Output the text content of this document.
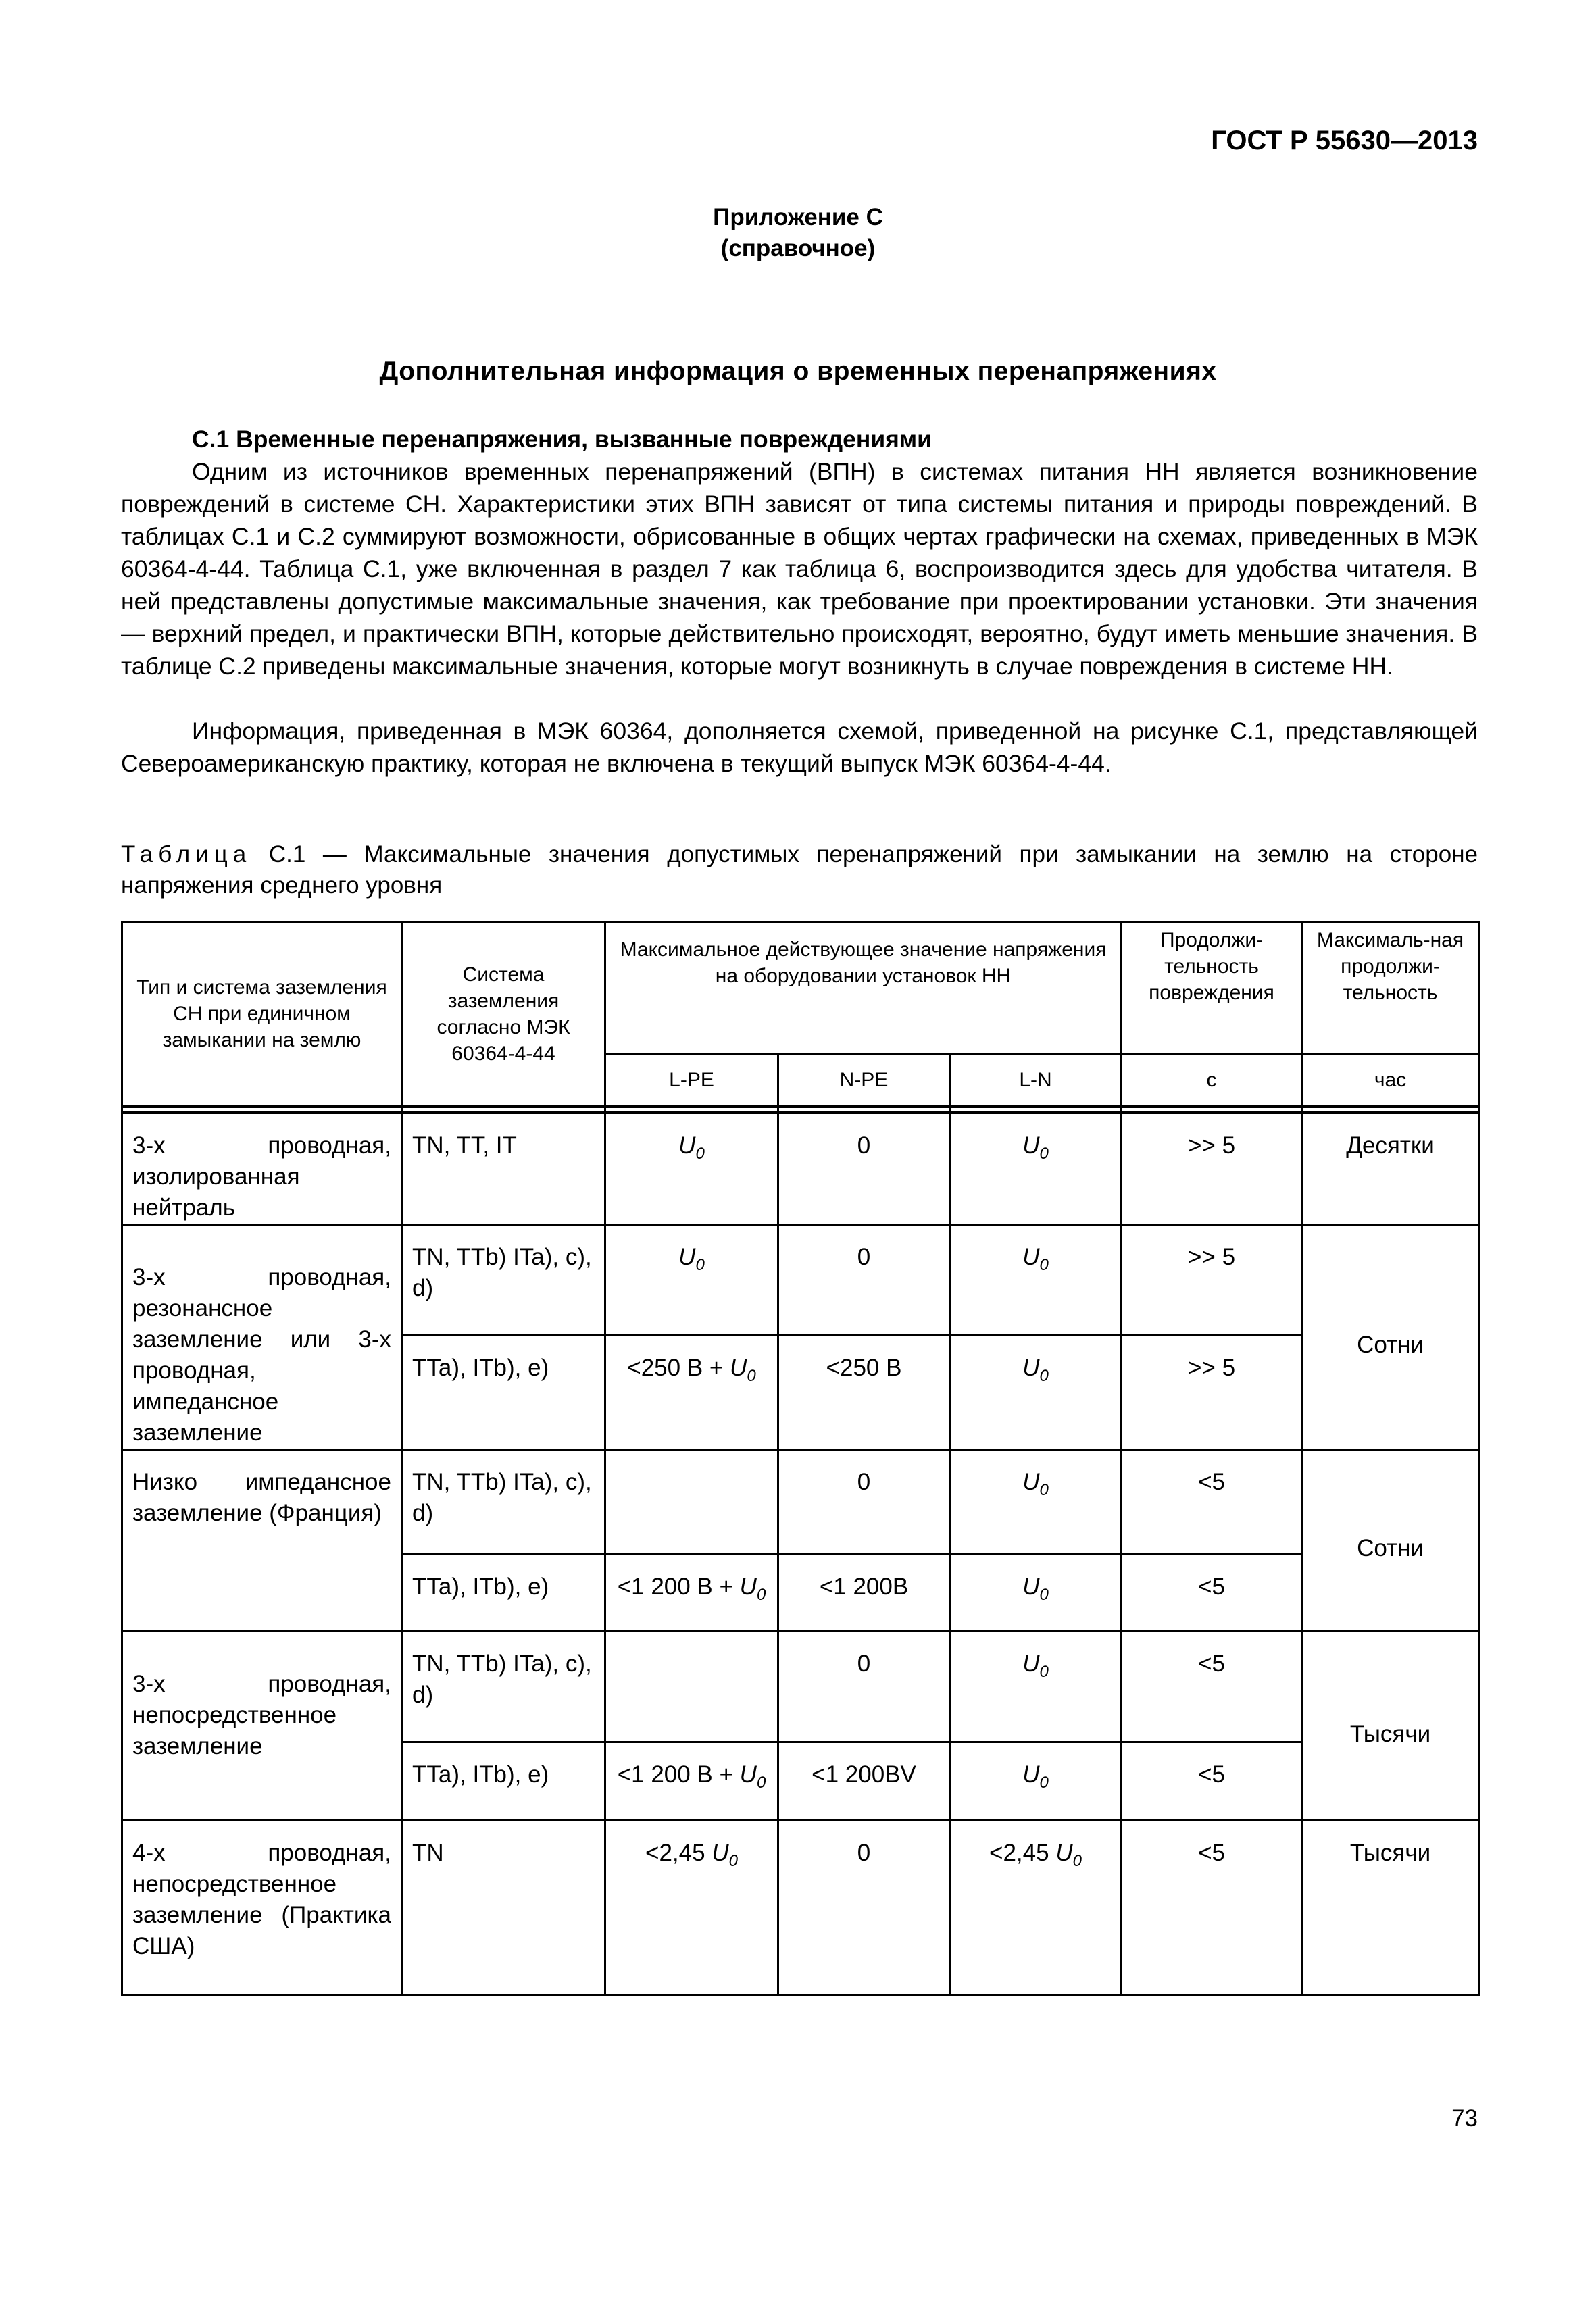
ГОСТ Р 55630—2013
Приложение С
(справочное)
Дополнительная информация о временных перенапряжениях
С.1 Временные перенапряжения, вызванные повреждениями
Одним из источников временных перенапряжений (ВПН) в системах питания НН является возникновение повреждений в системе СН. Характеристики этих ВПН зависят от типа системы питания и природы повреждений. В таблицах С.1 и С.2 суммируют возможности, обрисованные в общих чертах графически на схемах, приведенных в МЭК 60364-4-44. Таблица С.1, уже включенная в раздел 7 как таблица 6, воспроизводится здесь для удобства читателя. В ней представлены допустимые максимальные значения, как требование при проектировании установки. Эти значения — верхний предел, и практически ВПН, которые действительно происходят, вероятно, будут иметь меньшие значения. В таблице С.2 приведены максимальные значения, которые могут возникнуть в случае повреждения в системе НН.
Информация, приведенная в МЭК 60364, дополняется схемой, приведенной на рисунке С.1, представляющей Североамериканскую практику, которая не включена в текущий выпуск МЭК 60364-4-44.
Таблица С.1 — Максимальные значения допустимых перенапряжений при замыкании на землю на стороне напряжения среднего уровня
Тип и система заземления СН при единичном замыкании на землю	Система заземления согласно МЭК 60364-4-44	Максимальное действующее значение напряжения на оборудовании установок НН			Продолжи-тельность повреждения	Максималь-ная продолжи-тельность
		L-PE	N-PE	L-N	с	час

3-х проводная, изолированная нейтраль	TN, TT, IT	$U_0$	0	$U_0$	>> 5	Десятки
3-х проводная, резонансное заземление или 3-х проводная, импедансное заземление	TN, TTb) ITa), c), d)	$U_0$	0	$U_0$	>> 5	Сотни
	TTa), ITb), e)	<250 $В + U_0$	<250 В	$U_0$	>> 5	
Низко импедансное заземление (Франция)	TN, TTb) ITa), c), d)		0	$U_0$	<5	Сотни
	TTa), ITb), e)	<1 200 $В + U_0$	<1 200В	$U_0$	<5	
3-х проводная, непосредственное заземление	TN, TTb) ITa), c), d)		0	$U_0$	<5	Тысячи
	TTa), ITb), e)	<1 200 $В + U_0$	<1 200BV	$U_0$	<5	
4-х проводная, непосредственное заземление (Практика США)	TN	<2,45 $U_0$	0	<2,45 $U_0$	<5	Тысячи
73
